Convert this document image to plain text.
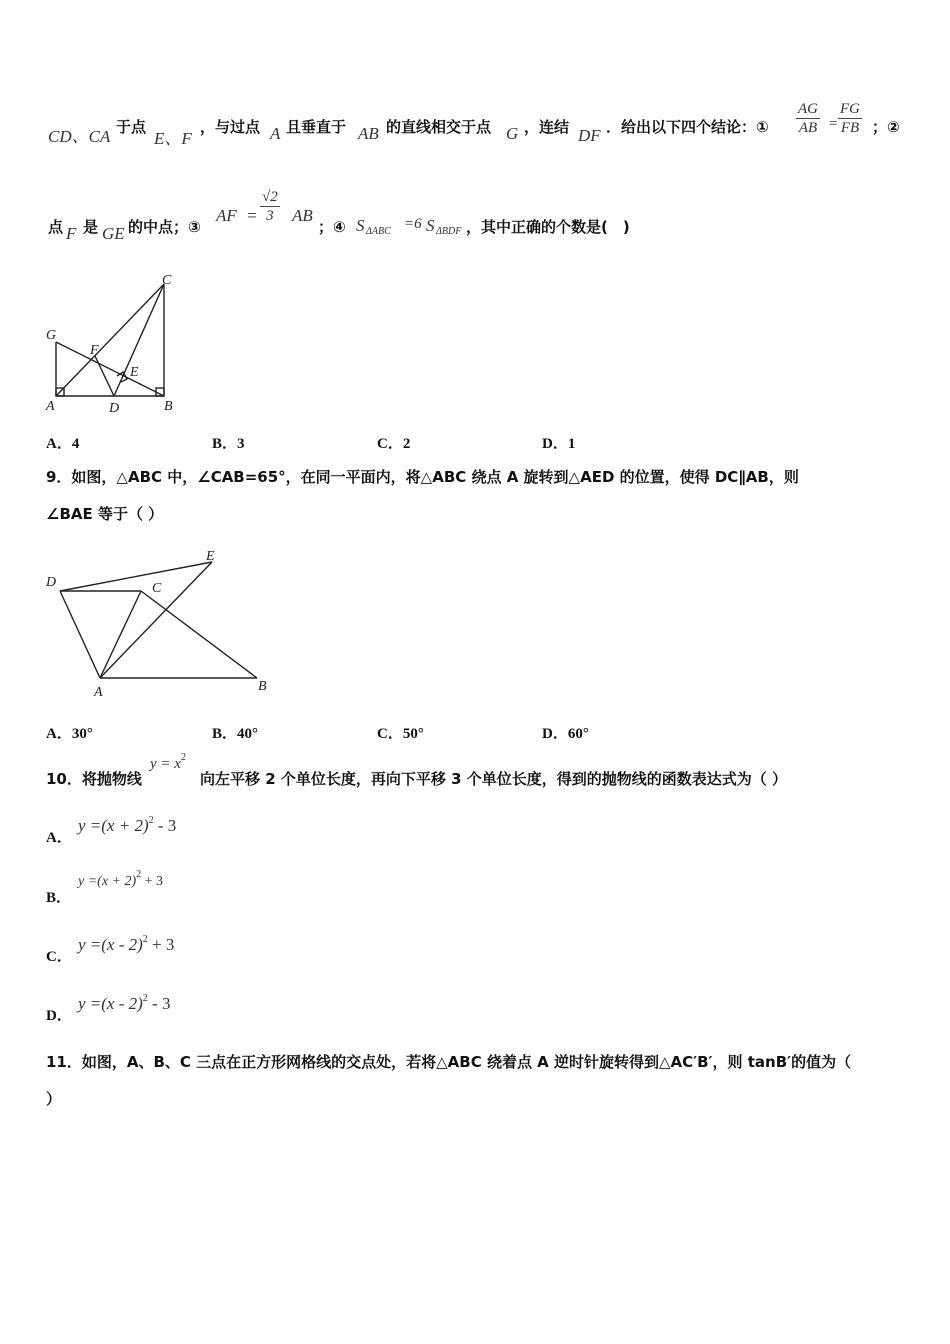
CD、CA 于点
E、F
，与过点 A 且垂直于 AB 的直线相交于点 G ，连结 DF ．给出以下四个结论：① $\frac{AG}{AB} = \frac{FG}{FB}$ ；②
点 F 是 GE 的中点；③
AF = $\frac{√2}{3}$ AB
；④ S ΔABC =6 S ΔBDF ，其中正确的个数是(　)
C
G
F
E
A	D	B
A．4	B．3	C．2	D．1
9．如图，△ABC 中，∠CAB=65°，在同一平面内，将△ABC 绕点 A 旋转到△AED 的位置，使得 DC∥AB，则
∠BAE 等于（ ）
D	C
E
A	B
A．30°	B．40°	C．50°	D．60°
10．将抛物线
$y = x^2$
向左平移 2 个单位长度，再向下平移 3 个单位长度，得到的抛物线的函数表达式为（ ）
A．
$y =(x + 2)^2 - 3$
B．
$y =(x + 2)^2 + 3$
C．
y =(x - 2)$^2$ + 3
D．
y =(x - 2)$^2$ - 3
11．如图，A、B、C 三点在正方形网格线的交点处，若将△ABC 绕着点 A 逆时针旋转得到△AC′B′，则 tanB′的值为（
）
